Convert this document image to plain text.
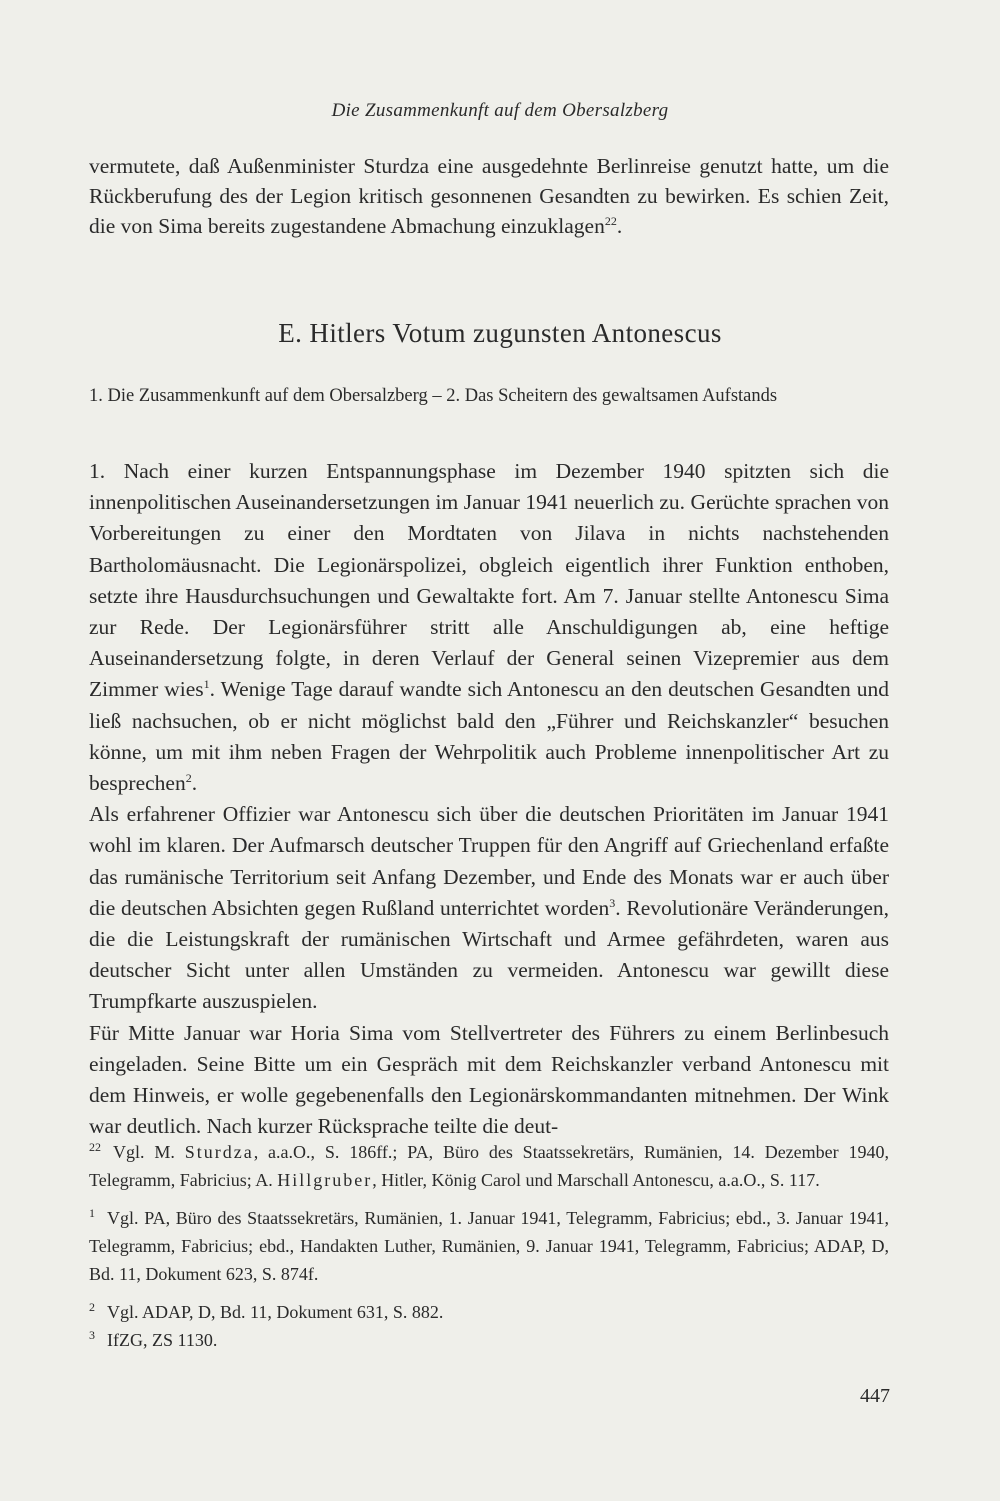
Die Zusammenkunft auf dem Obersalzberg

vermutete, daß Außenminister Sturdza eine ausgedehnte Berlinreise genutzt hatte, um die Rückberufung des der Legion kritisch gesonnenen Gesandten zu bewirken. Es schien Zeit, die von Sima bereits zugestandene Abmachung einzuklagen$^{22}$.

E. Hitlers Votum zugunsten Antonescus
1. Die Zusammenkunft auf dem Obersalzberg – 2. Das Scheitern des gewaltsamen Aufstands

1. Nach einer kurzen Entspannungsphase im Dezember 1940 spitzten sich die innenpolitischen Auseinandersetzungen im Januar 1941 neuerlich zu. Gerüchte sprachen von Vorbereitungen zu einer den Mordtaten von Jilava in nichts nachstehenden Bartholomäusnacht. Die Legionärspolizei, obgleich eigentlich ihrer Funktion enthoben, setzte ihre Hausdurchsuchungen und Gewaltakte fort. Am 7. Januar stellte Antonescu Sima zur Rede. Der Legionärsführer stritt alle Anschuldigungen ab, eine heftige Auseinandersetzung folgte, in deren Verlauf der General seinen Vizepremier aus dem Zimmer wies$^1$. Wenige Tage darauf wandte sich Antonescu an den deutschen Gesandten und ließ nachsuchen, ob er nicht möglichst bald den „Führer und Reichskanzler“ besuchen könne, um mit ihm neben Fragen der Wehrpolitik auch Probleme innenpolitischer Art zu besprechen$^2$.

Als erfahrener Offizier war Antonescu sich über die deutschen Prioritäten im Januar 1941 wohl im klaren. Der Aufmarsch deutscher Truppen für den Angriff auf Griechenland erfaßte das rumänische Territorium seit Anfang Dezember, und Ende des Monats war er auch über die deutschen Absichten gegen Rußland unterrichtet worden$^3$. Revolutionäre Veränderungen, die die Leistungskraft der rumänischen Wirtschaft und Armee gefährdeten, waren aus deutscher Sicht unter allen Umständen zu vermeiden. Antonescu war gewillt diese Trumpfkarte auszuspielen.

Für Mitte Januar war Horia Sima vom Stellvertreter des Führers zu einem Berlinbesuch eingeladen. Seine Bitte um ein Gespräch mit dem Reichskanzler verband Antonescu mit dem Hinweis, er wolle gegebenenfalls den Legionärskommandanten mitnehmen. Der Wink war deutlich. Nach kurzer Rücksprache teilte die deut-

$^{22}$ Vgl. M. Sturdza, a.a.O., S. 186ff.; PA, Büro des Staatssekretärs, Rumänien, 14. Dezember 1940, Telegramm, Fabricius; A. Hillgruber, Hitler, König Carol und Marschall Antonescu, a.a.O., S. 117.

$^1$ Vgl. PA, Büro des Staatssekretärs, Rumänien, 1. Januar 1941, Telegramm, Fabricius; ebd., 3. Januar 1941, Telegramm, Fabricius; ebd., Handakten Luther, Rumänien, 9. Januar 1941, Telegramm, Fabricius; ADAP, D, Bd. 11, Dokument 623, S. 874f.

$^2$ Vgl. ADAP, D, Bd. 11, Dokument 631, S. 882.

$^3$ IfZG, ZS 1130.

447
